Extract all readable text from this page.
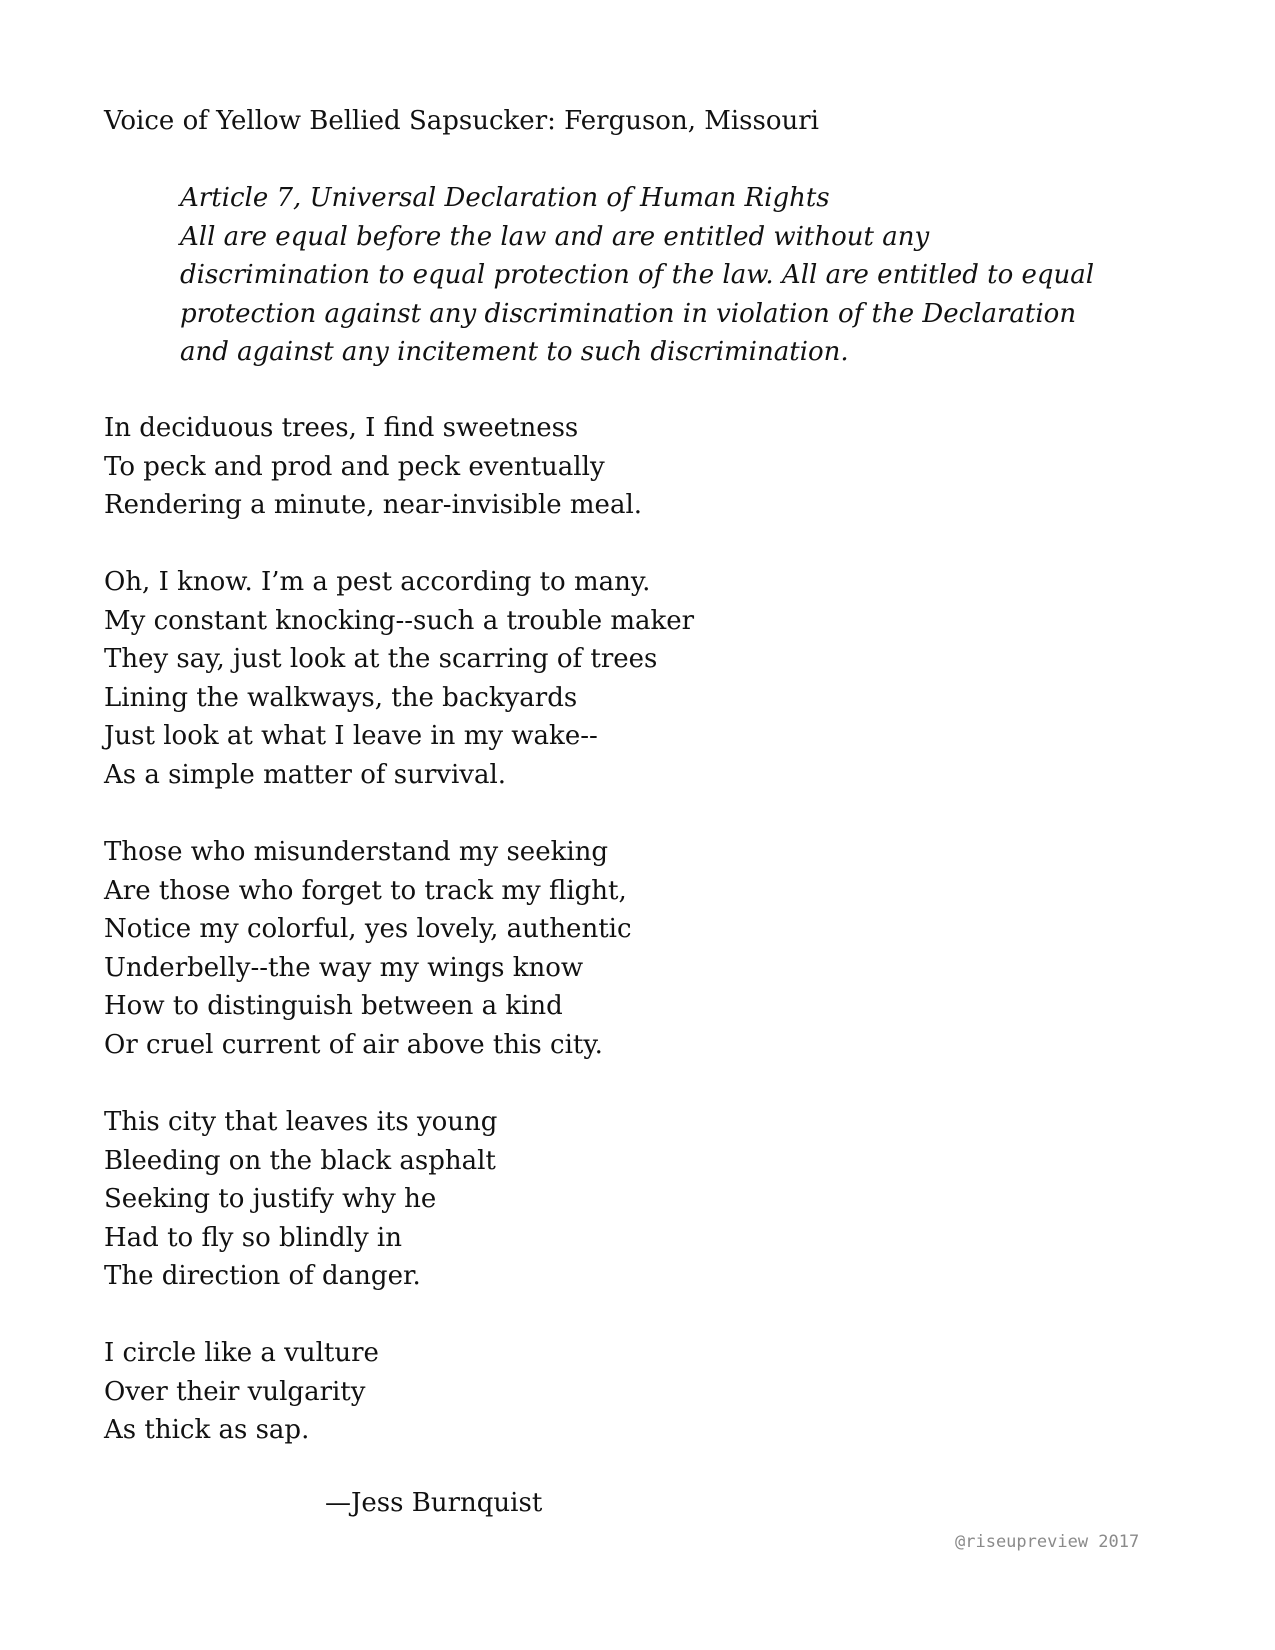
Voice of Yellow Bellied Sapsucker: Ferguson, Missouri
Article 7, Universal Declaration of Human Rights
All are equal before the law and are entitled without any
discrimination to equal protection of the law. All are entitled to equal
protection against any discrimination in violation of the Declaration
and against any incitement to such discrimination.
In deciduous trees, I find sweetness
To peck and prod and peck eventually
Rendering a minute, near-invisible meal.
Oh, I know. I’m a pest according to many.
My constant knocking--such a trouble maker
They say, just look at the scarring of trees
Lining the walkways, the backyards
Just look at what I leave in my wake--
As a simple matter of survival.
Those who misunderstand my seeking
Are those who forget to track my flight,
Notice my colorful, yes lovely, authentic
Underbelly--the way my wings know
How to distinguish between a kind
Or cruel current of air above this city.
This city that leaves its young
Bleeding on the black asphalt
Seeking to justify why he
Had to fly so blindly in
The direction of danger.
I circle like a vulture
Over their vulgarity
As thick as sap.
—Jess Burnquist
@riseupreview 2017
